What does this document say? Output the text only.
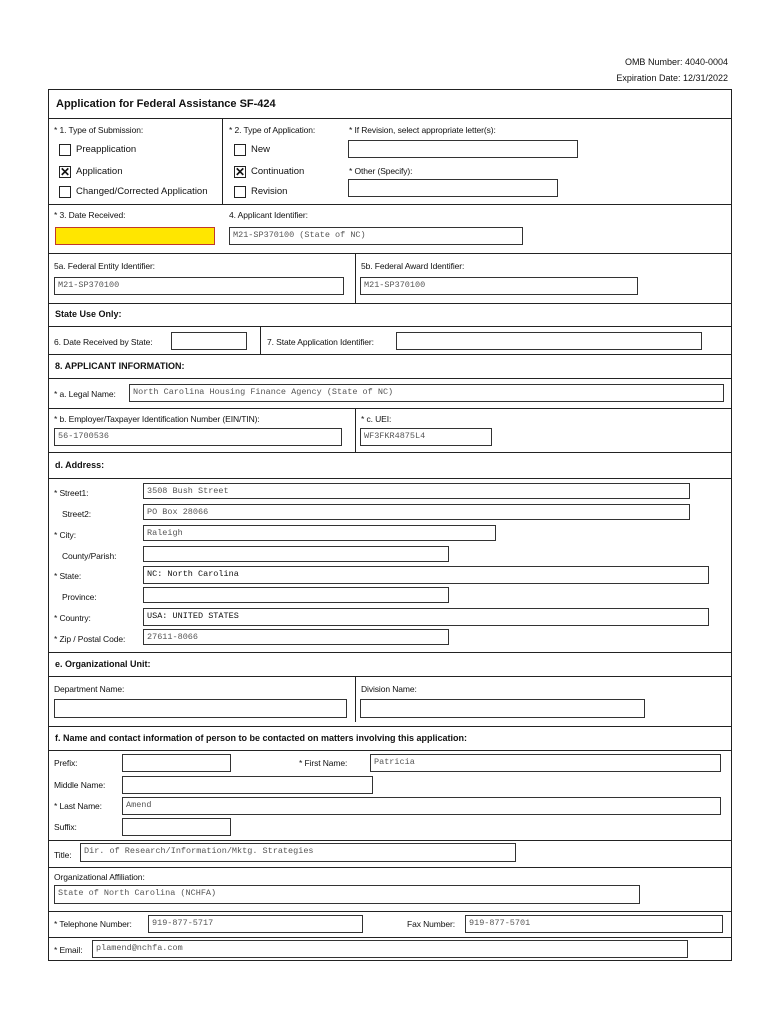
OMB Number: 4040-0004
Expiration Date: 12/31/2022
Application for Federal Assistance SF-424
* 1. Type of Submission:
Preapplication
✕ Application
Changed/Corrected Application
* 2. Type of Application:
New
✕ Continuation
Revision
* If Revision, select appropriate letter(s):
* Other (Specify):
* 3. Date Received:	4. Applicant Identifier:
M21-SP370100 (State of NC)
5a. Federal Entity Identifier:
M21-SP370100
5b. Federal Award Identifier:
M21-SP370100
State Use Only:
6. Date Received by State:	7. State Application Identifier:
8. APPLICANT INFORMATION:
* a. Legal Name:	North Carolina Housing Finance Agency (State of NC)
* b. Employer/Taxpayer Identification Number (EIN/TIN):
56-1700536
* c. UEI:
WF3FKR4875L4
d. Address:
* Street1:	3508 Bush Street
Street2:	PO Box 28066
* City:	Raleigh
County/Parish:
* State:	NC: North Carolina
Province:
* Country:	USA: UNITED STATES
* Zip / Postal Code:	27611-8066
e. Organizational Unit:
Department Name:	Division Name:
f. Name and contact information of person to be contacted on matters involving this application:
Prefix:	* First Name:	Patricia
Middle Name:
* Last Name:	Amend
Suffix:
Title:	Dir. of Research/Information/Mktg. Strategies
Organizational Affiliation:
State of North Carolina (NCHFA)
* Telephone Number:	919-877-5717	Fax Number:	919-877-5701
* Email:	plamend@nchfa.com
